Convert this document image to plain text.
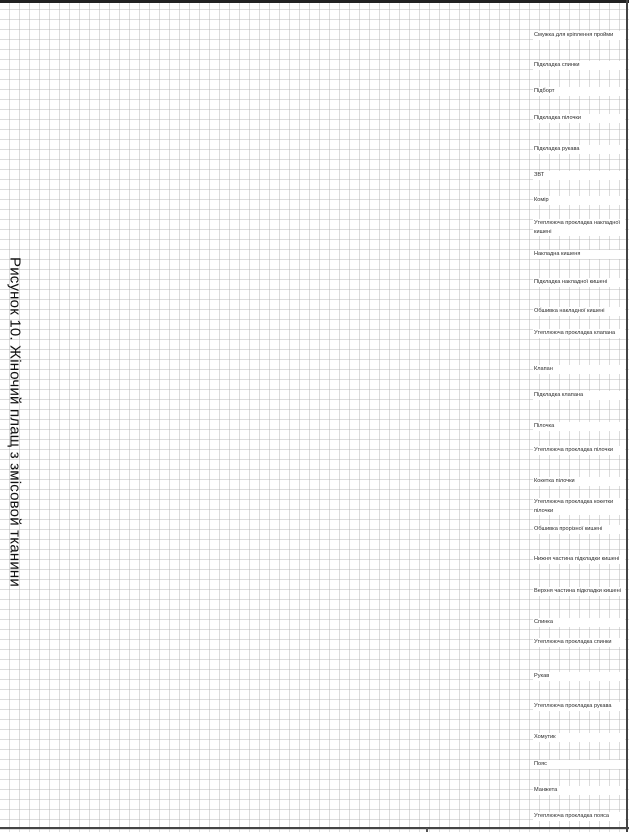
Рисунок 10. Жіночий плащ з змісовой тканини
Смужка для кріплення пройми
Підкладка спинки
Підборт
Підкладка пілочки
Підкладка рукава
ЗВТ
Комір
Утеплююча прокладка накладної кишені
Накладна кишеня
Підкладка накладної кишені
Обшивка накладної кишені
Утеплююча прокладка клапана
Клапан
Підкладка клапана
Пілочка
Утеплююча прокладка пілочки
Кокетка пілочки
Утеплююча прокладка кокетки пілочки
Обшивка прорізної кишені
Нижня частина підкладки кишені
Верхня частина підкладки кишені
Спинка
Утеплююча прокладка спинки
Рукав
Утеплююча прокладка рукава
Хомутик
Пояс
Манжета
Утеплююча прокладка пояса
